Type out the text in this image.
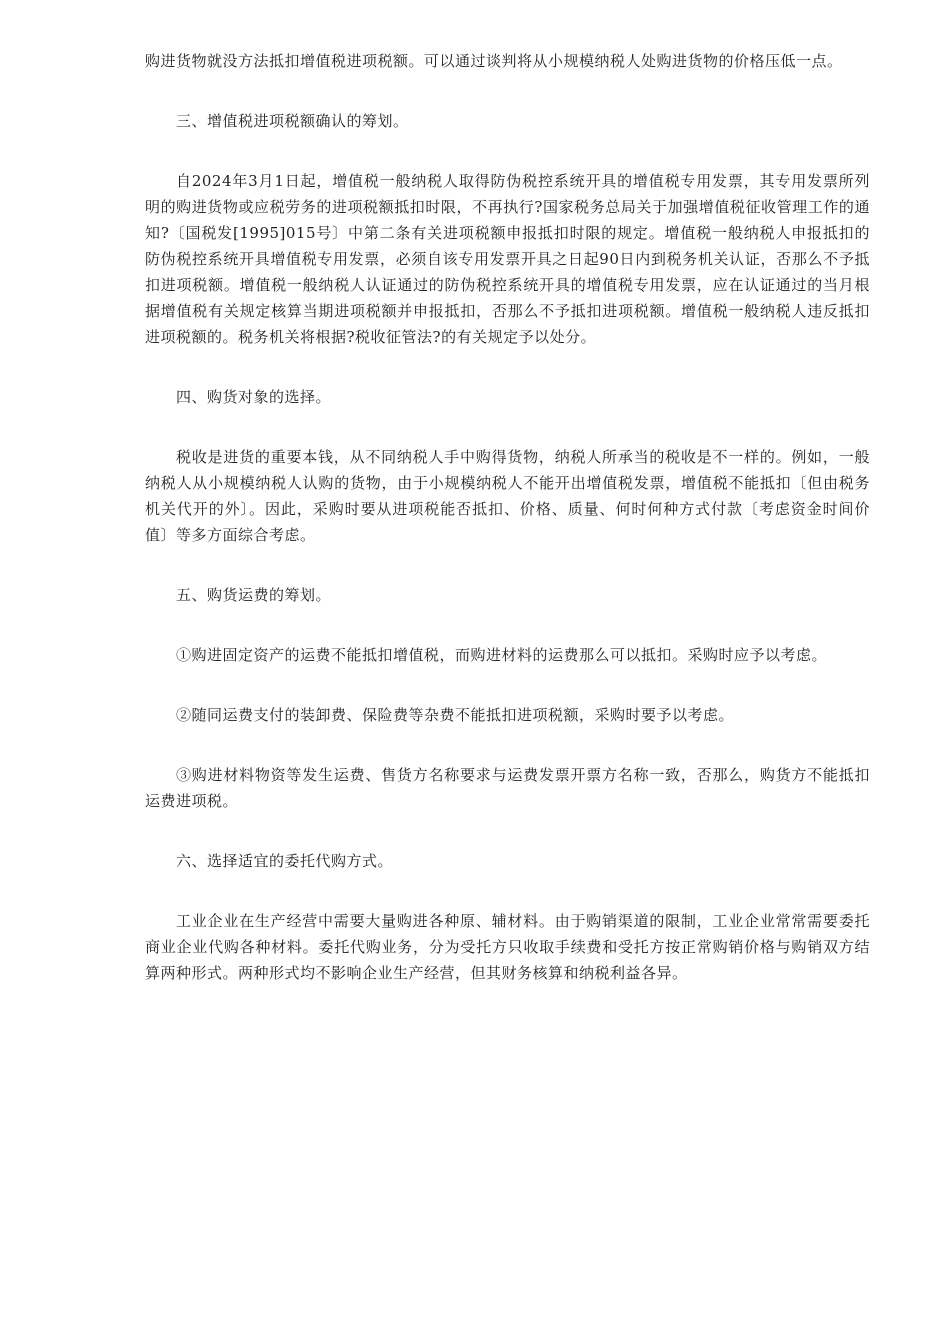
购进货物就没方法抵扣增值税进项税额。可以通过谈判将从小规模纳税人处购进货物的价格压低一点。

三、增值税进项税额确认的筹划。

自2024年3月1日起，增值税一般纳税人取得防伪税控系统开具的增值税专用发票，其专用发票所列明的购进货物或应税劳务的进项税额抵扣时限，不再执行?国家税务总局关于加强增值税征收管理工作的通知?〔国税发[1995]015号〕中第二条有关进项税额申报抵扣时限的规定。增值税一般纳税人申报抵扣的防伪税控系统开具增值税专用发票，必须自该专用发票开具之日起90日内到税务机关认证，否那么不予抵扣进项税额。增值税一般纳税人认证通过的防伪税控系统开具的增值税专用发票，应在认证通过的当月根据增值税有关规定核算当期进项税额并申报抵扣，否那么不予抵扣进项税额。增值税一般纳税人违反抵扣进项税额的。税务机关将根据?税收征管法?的有关规定予以处分。

四、购货对象的选择。

税收是进货的重要本钱，从不同纳税人手中购得货物，纳税人所承当的税收是不一样的。例如，一般纳税人从小规模纳税人认购的货物，由于小规模纳税人不能开出增值税发票，增值税不能抵扣〔但由税务机关代开的外〕。因此，采购时要从进项税能否抵扣、价格、质量、何时何种方式付款〔考虑资金时间价值〕等多方面综合考虑。

五、购货运费的筹划。

①购进固定资产的运费不能抵扣增值税，而购进材料的运费那么可以抵扣。采购时应予以考虑。

②随同运费支付的装卸费、保险费等杂费不能抵扣进项税额，采购时要予以考虑。

③购进材料物资等发生运费、售货方名称要求与运费发票开票方名称一致，否那么，购货方不能抵扣运费进项税。

六、选择适宜的委托代购方式。

工业企业在生产经营中需要大量购进各种原、辅材料。由于购销渠道的限制，工业企业常常需要委托商业企业代购各种材料。委托代购业务，分为受托方只收取手续费和受托方按正常购销价格与购销双方结算两种形式。两种形式均不影响企业生产经营，但其财务核算和纳税利益各异。
